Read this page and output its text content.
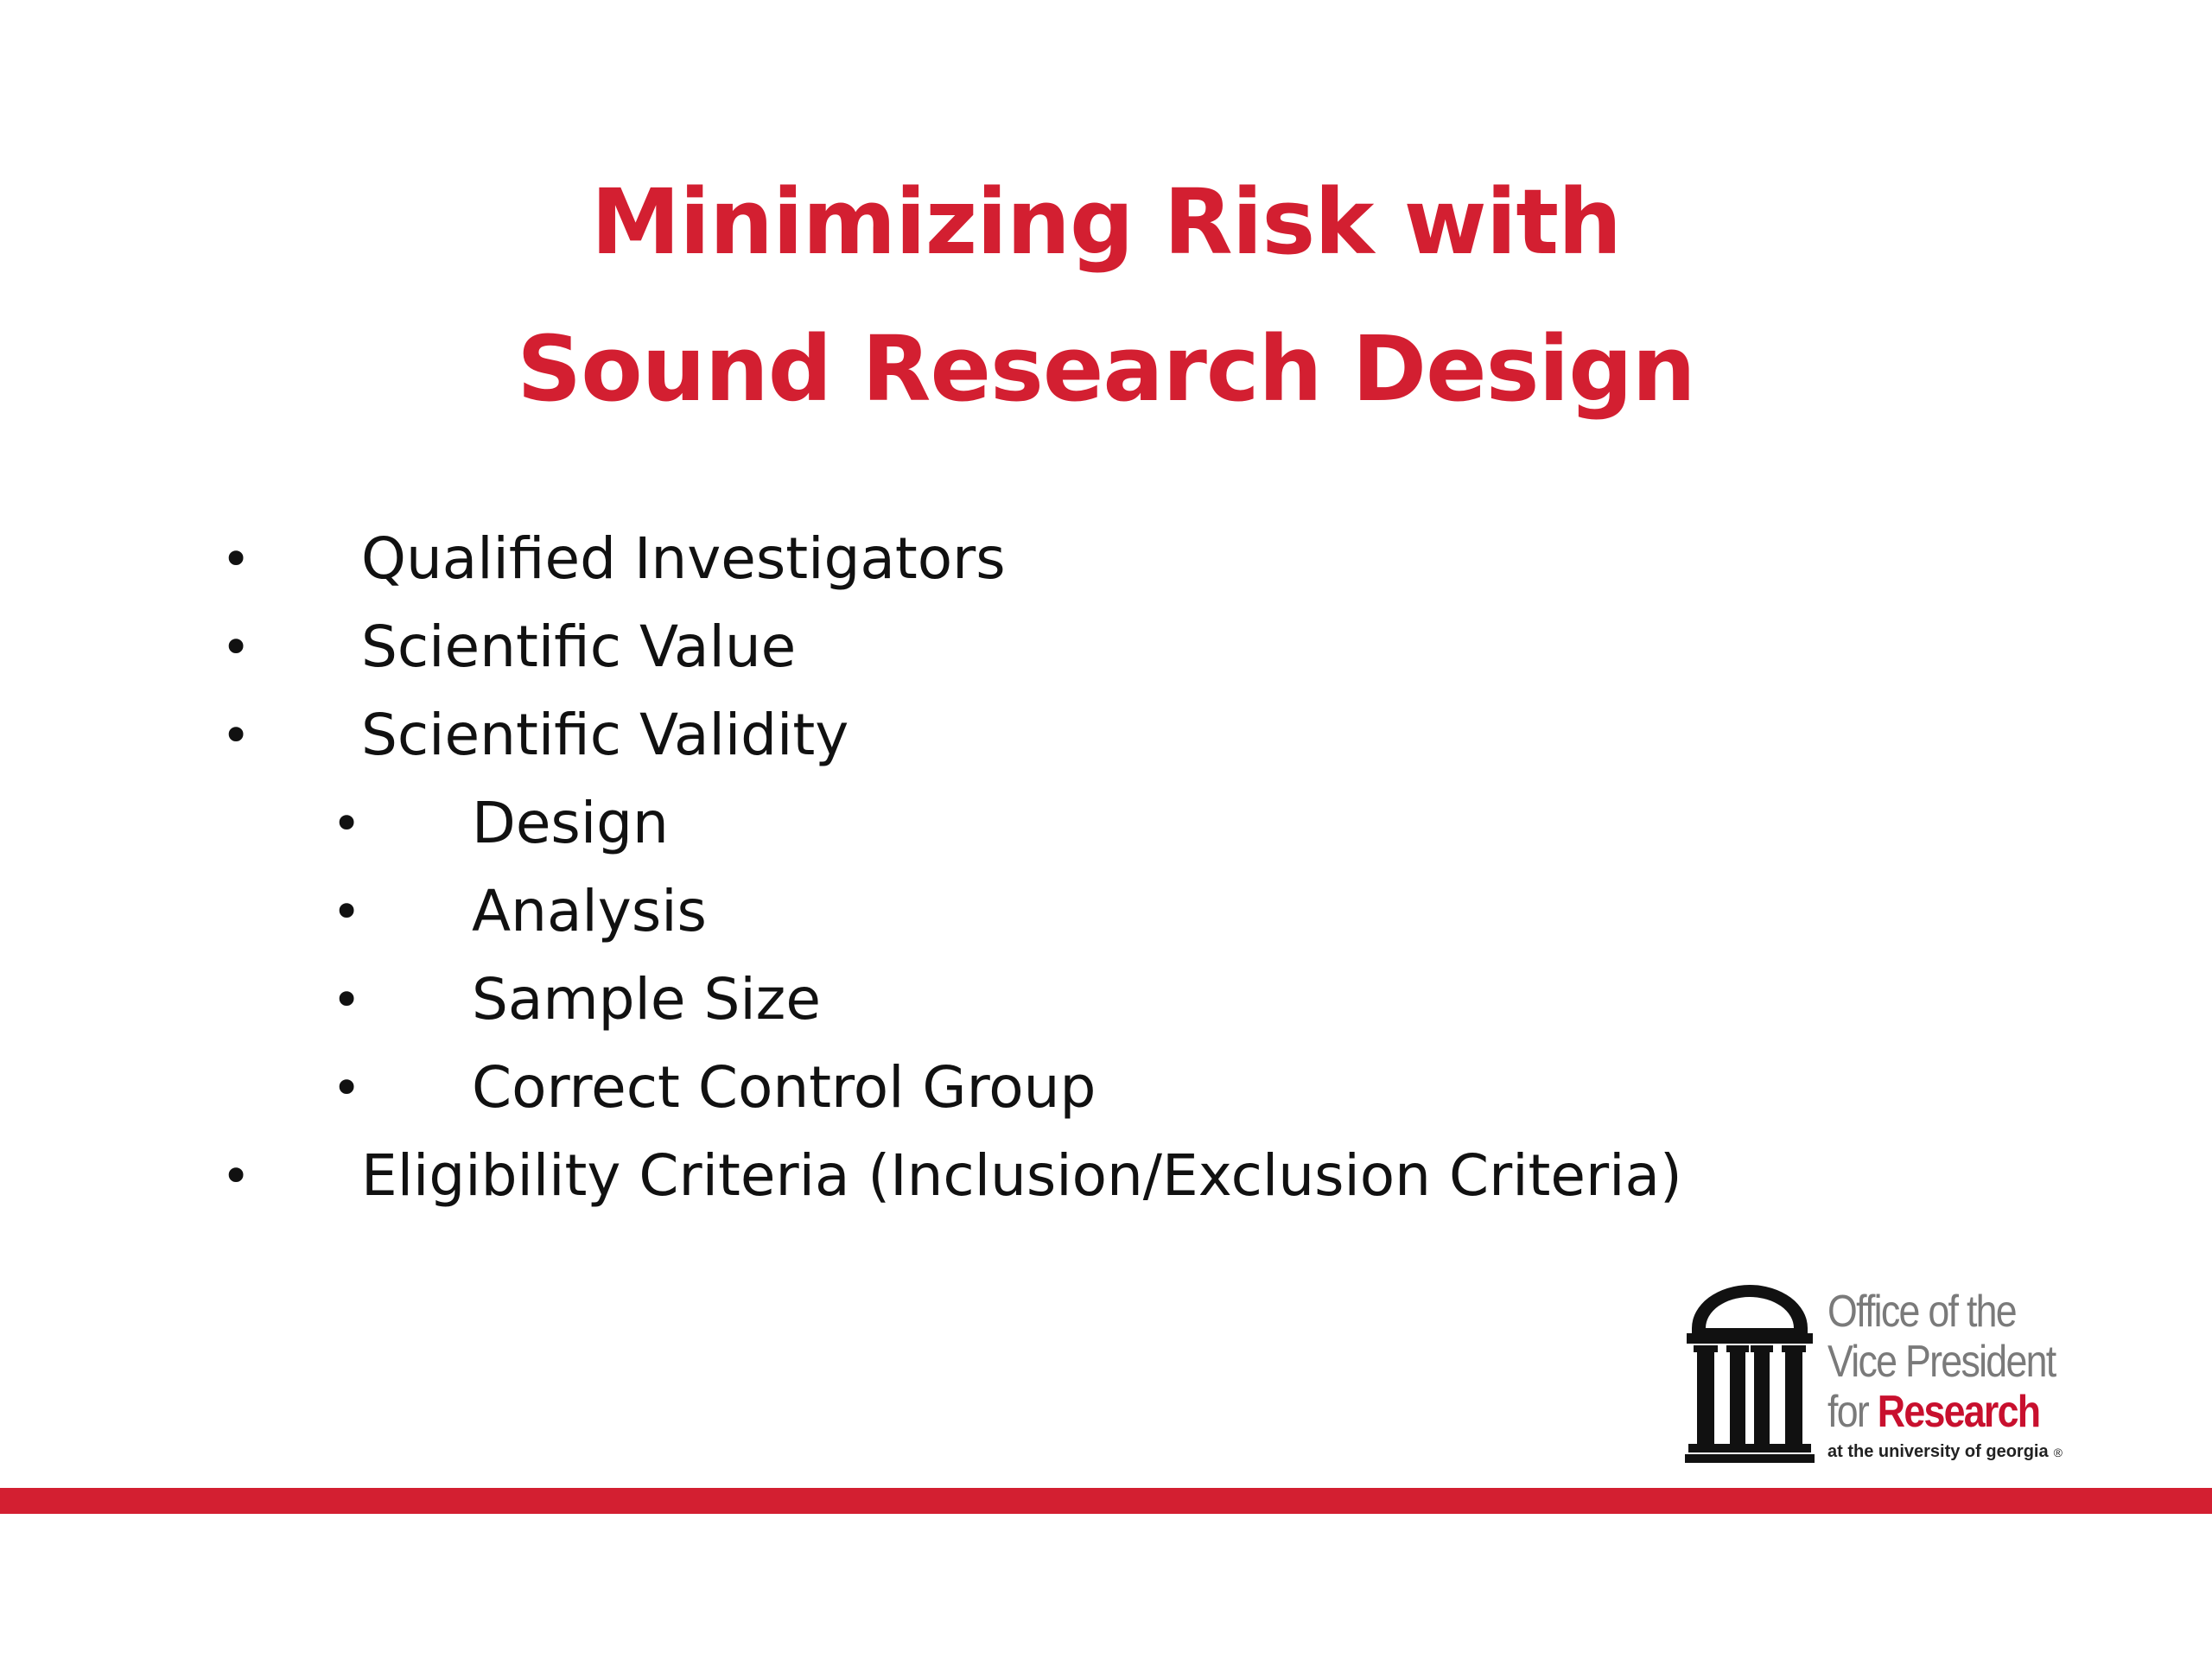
Minimizing Risk with
Sound Research Design
• Qualified Investigators
• Scientific Value
• Scientific Validity
• Design
• Analysis
• Sample Size
• Correct Control Group
• Eligibility Criteria (Inclusion/Exclusion Criteria)
Office of the
Vice President
for Research
at the university of georgia ®
